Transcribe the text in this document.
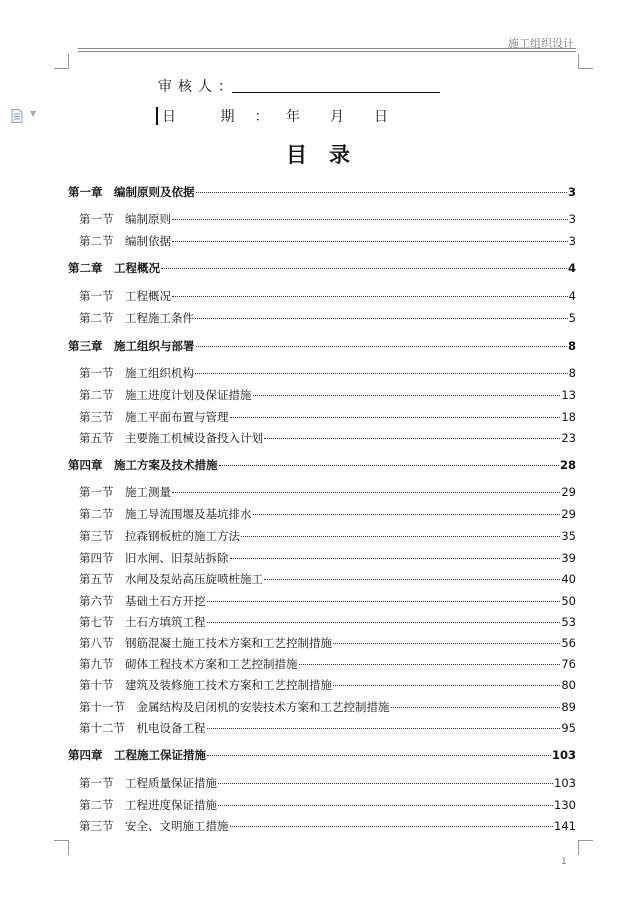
施工组织设计
▼
审核人：
日 期：
年 月 日
目录
第一章　编制原则及依据	3
第一节　编制原则	3
第二节　编制依据	3
第二章　工程概况	4
第一节　工程概况	4
第二节　工程施工条件	5
第三章　施工组织与部署	8
第一节　施工组织机构	8
第二节　施工进度计划及保证措施	13
第三节　施工平面布置与管理	18
第五节　主要施工机械设备投入计划	23
第四章　施工方案及技术措施	28
第一节　施工测量	29
第二节　施工导流围堰及基坑排水	29
第三节　拉森钢板桩的施工方法	35
第四节　旧水闸、旧泵站拆除	39
第五节　水闸及泵站高压旋喷桩施工	40
第六节　基础土石方开挖	50
第七节　土石方填筑工程	53
第八节　钢筋混凝土施工技术方案和工艺控制措施	56
第九节　砌体工程技术方案和工艺控制措施	76
第十节　建筑及装修施工技术方案和工艺控制措施	80
第十一节　金属结构及启闭机的安装技术方案和工艺控制措施	89
第十二节　机电设备工程	95
第四章　工程施工保证措施	103
第一节　工程质量保证措施	103
第二节　工程进度保证措施	130
第三节　安全、文明施工措施	141
1
